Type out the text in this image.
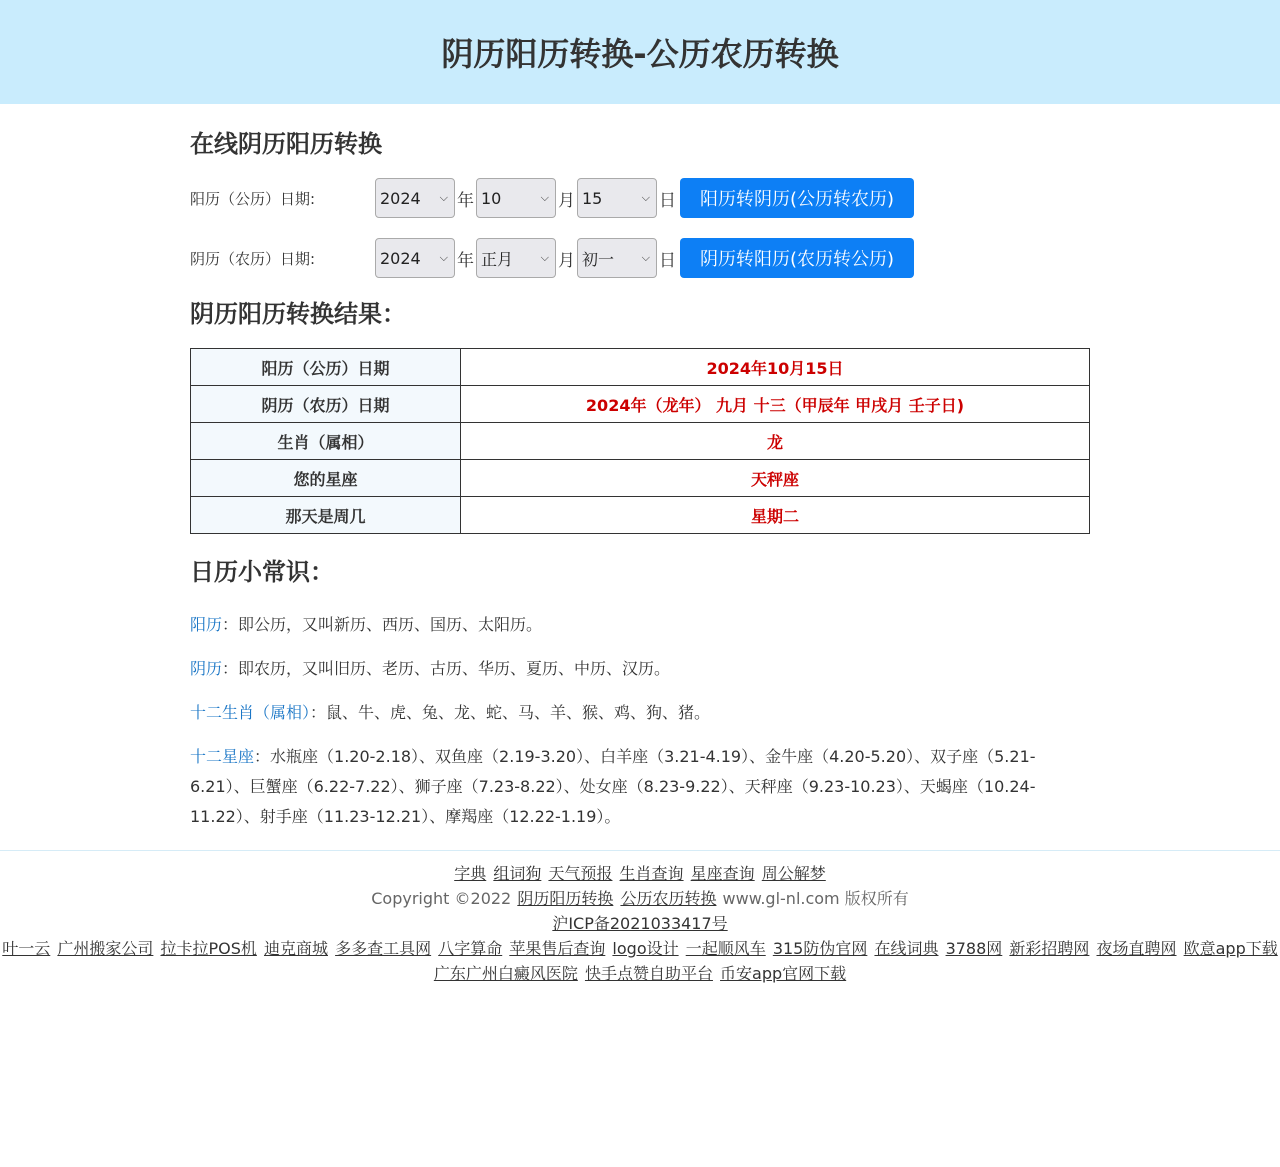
阴历阳历转换-公历农历转换
在线阴历阳历转换
阳历（公历）日期:	2024 ⌵ 年 10	⌵ 月 15	⌵ 日	阳历转阴历(公历转农历)
阴历（农历）日期:	2024 ⌵ 年 正月	⌵ 月 初一	⌵ 日	阴历转阳历(农历转公历)
阴历阳历转换结果：
阳历（公历）日期	2024年10月15日
阴历（农历）日期	2024年（龙年） 九月 十三（甲辰年 甲戌月 壬子日)
生肖（属相）	龙
您的星座	天秤座
那天是周几	星期二
日历小常识：
阳历：即公历，又叫新历、西历、国历、太阳历。
阴历：即农历，又叫旧历、老历、古历、华历、夏历、中历、汉历。
十二生肖（属相）：鼠、牛、虎、兔、龙、蛇、马、羊、猴、鸡、狗、猪。
十二星座：水瓶座（1.20-2.18）、双鱼座（2.19-3.20）、白羊座（3.21-4.19）、金牛座（4.20-5.20）、双子座（5.21-6.21）、巨蟹座（6.22-7.22）、狮子座（7.23-8.22）、处女座（8.23-9.22）、天秤座（9.23-10.23）、天蝎座（10.24-11.22）、射手座（11.23-12.21）、摩羯座（12.22-1.19）。
字典 组词狗 天气预报 生肖查询 星座查询 周公解梦
Copyright ©2022 阴历阳历转换 公历农历转换 www.gl-nl.com 版权所有
沪ICP备2021033417号
叶一云 广州搬家公司 拉卡拉POS机 迪克商城 多多查工具网 八字算命 苹果售后查询 logo设计 一起顺风车 315防伪官网 在线词典 3788网 新彩招聘网 夜场直聘网 欧意app下载 广东广州白癜风医院 快手点赞自助平台 币安app官网下载
